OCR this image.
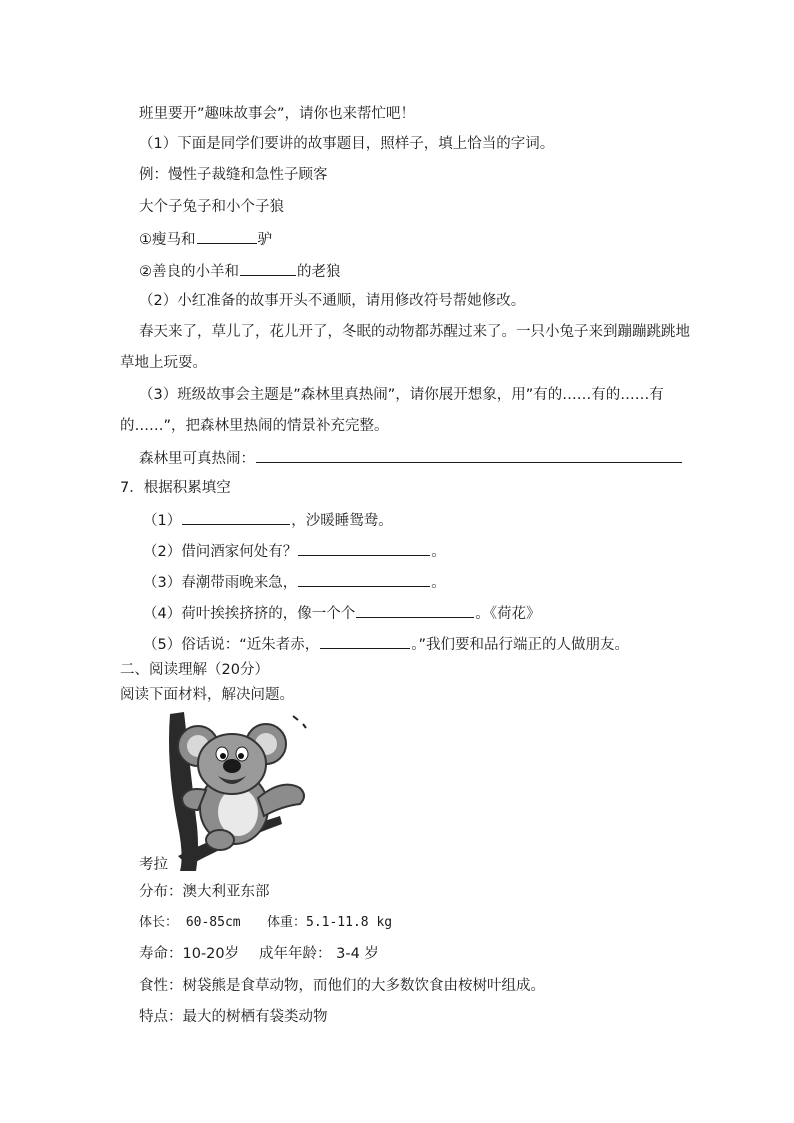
班里要开”趣味故事会”，请你也来帮忙吧！
（1）下面是同学们要讲的故事题目，照样子，填上恰当的字词。
例：慢性子裁缝和急性子顾客
大个子兔子和小个子狼
①瘦马和	驴
②善良的小羊和	的老狼
（2）小红准备的故事开头不通顺，请用修改符号帮她修改。
春天来了，草儿了，花儿开了，冬眠的动物都苏醒过来了。一只小兔子来到蹦蹦跳跳地
草地上玩耍。
（3）班级故事会主题是”森林里真热闹”，请你展开想象，用”有的……有的……有
的……”，把森林里热闹的情景补充完整。
森林里可真热闹：
7．根据积累填空
（1）	，沙暖睡鸳鸯。
（2）借问酒家何处有？	。
（3）春潮带雨晚来急，	。
（4）荷叶挨挨挤挤的，像一个个	。《荷花》
（5）俗话说：“近朱者赤，	。”我们要和品行端正的人做朋友。
二、阅读理解（20分）
阅读下面材料，解决问题。
考拉
分布：澳大利亚东部
体长： 60-85cm 体重：5.1-11.8 kg
寿命：10-20岁 成年年龄： 3-4 岁
食性：树袋熊是食草动物，而他们的大多数饮食由桉树叶组成。
特点：最大的树栖有袋类动物
